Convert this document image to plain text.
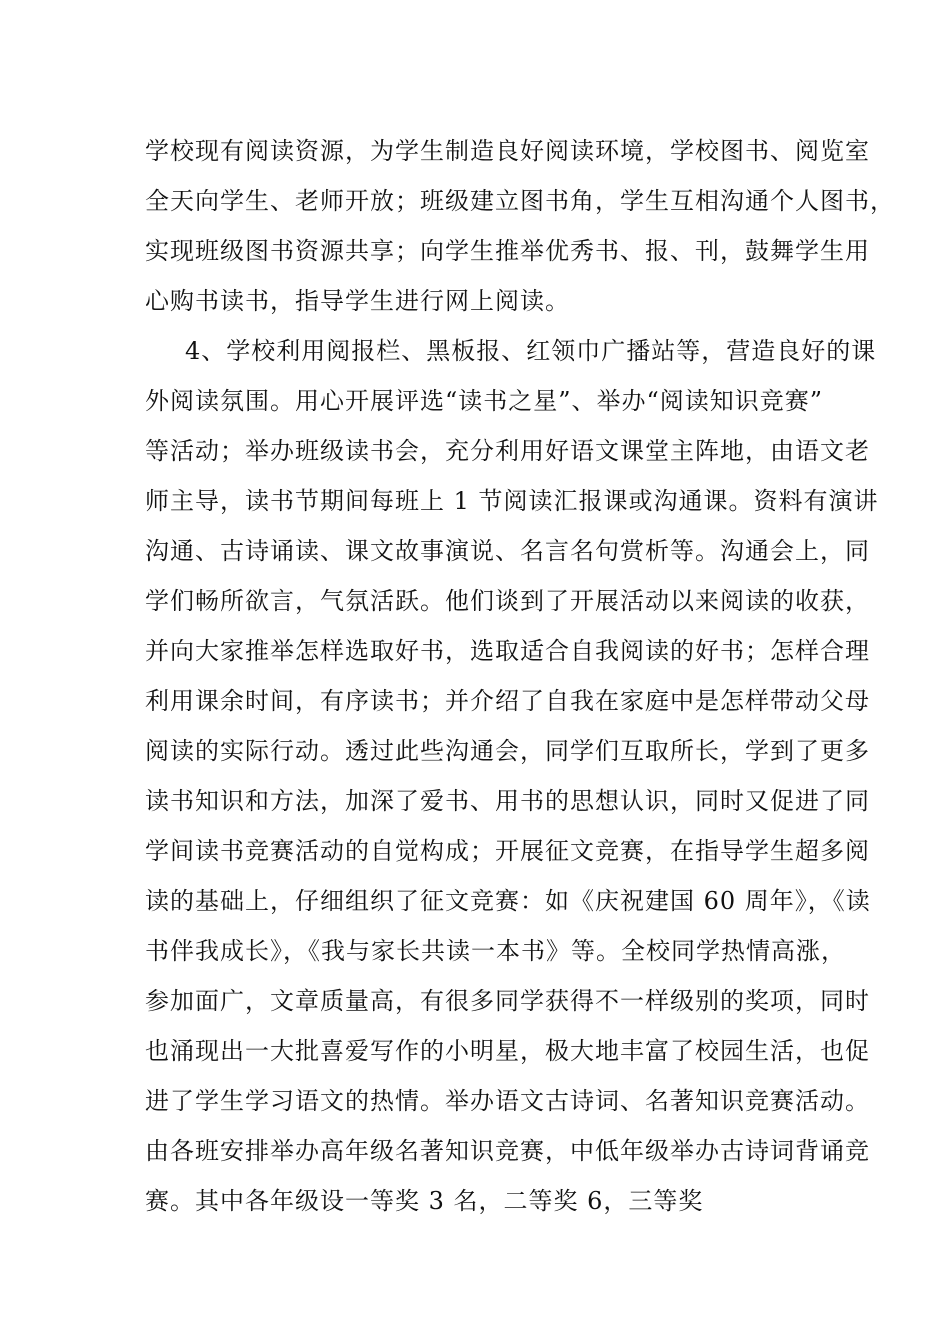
学校现有阅读资源，为学生制造良好阅读环境，学校图书、阅览室
全天向学生、老师开放；班级建立图书角，学生互相沟通个人图书，
实现班级图书资源共享；向学生推举优秀书、报、刊，鼓舞学生用
心购书读书，指导学生进行网上阅读。
4、学校利用阅报栏、黑板报、红领巾广播站等，营造良好的课
外阅读氛围。用心开展评选“读书之星”、举办“阅读知识竞赛”
等活动；举办班级读书会，充分利用好语文课堂主阵地，由语文老
师主导，读书节期间每班上 1 节阅读汇报课或沟通课。资料有演讲
沟通、古诗诵读、课文故事演说、名言名句赏析等。沟通会上，同
学们畅所欲言，气氛活跃。他们谈到了开展活动以来阅读的收获，
并向大家推举怎样选取好书，选取适合自我阅读的好书；怎样合理
利用课余时间，有序读书；并介绍了自我在家庭中是怎样带动父母
阅读的实际行动。透过此些沟通会，同学们互取所长，学到了更多
读书知识和方法，加深了爱书、用书的思想认识，同时又促进了同
学间读书竞赛活动的自觉构成；开展征文竞赛，在指导学生超多阅
读的基础上，仔细组织了征文竞赛：如《庆祝建国 60 周年》，《读
书伴我成长》，《我与家长共读一本书》等。全校同学热情高涨，
参加面广，文章质量高，有很多同学获得不一样级别的奖项，同时
也涌现出一大批喜爱写作的小明星，极大地丰富了校园生活，也促
进了学生学习语文的热情。举办语文古诗词、名著知识竞赛活动。
由各班安排举办高年级名著知识竞赛，中低年级举办古诗词背诵竞
赛。其中各年级设一等奖 3 名，二等奖 6，三等奖
